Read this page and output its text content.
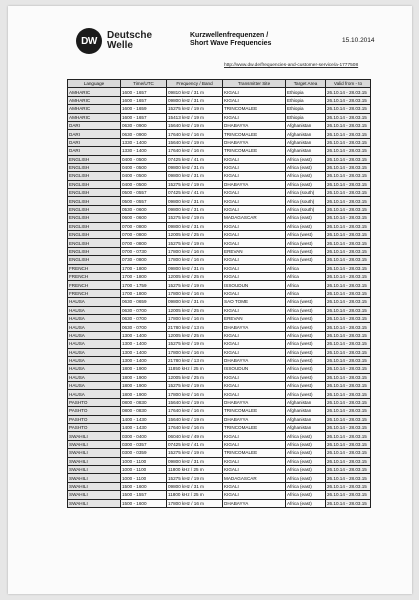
DW	Deutsche
Welle
Kurzwellenfrequenzen /
Short Wave Frequencies	15.10.2014
http://www.dw.de/frequencies-and-customer-service/a-1777508
Language	Time/UTC	Frequency / Band	Transmitter Site	Target Area	Valid from - to
AMHARIC	1600 - 1657	09810 kHz / 31 m	KIGALI	Ethiopia	26.10.14 - 28.03.15
AMHARIC	1600 - 1657	09800 kHz / 31 m	KIGALI	Ethiopia	26.10.14 - 28.03.15
AMHARIC	1600 - 1659	15275 kHz / 19 m	TRINCOMALEE	Ethiopia	26.10.14 - 28.03.15
AMHARIC	1600 - 1657	15413 kHz / 19 m	KIGALI	Ethiopia	26.10.14 - 28.03.15
DARI	0630 - 0900	15640 kHz / 19 m	DHABAYYA	Afghanistan	26.10.14 - 28.03.15
DARI	0630 - 0900	17640 kHz / 16 m	TRINCOMALEE	Afghanistan	26.10.14 - 28.03.15
DARI	1330 - 1400	15640 kHz / 19 m	DHABAYYA	Afghanistan	26.10.14 - 28.03.15
DARI	1330 - 1400	17640 kHz / 16 m	TRINCOMALEE	Afghanistan	26.10.14 - 28.03.15
ENGLISH	0400 - 0500	07425 kHz / 41 m	KIGALI	Africa (east)	26.10.14 - 28.03.15
ENGLISH	0400 - 0500	09800 kHz / 31 m	KIGALI	Africa (east)	26.10.14 - 28.03.15
ENGLISH	0400 - 0500	09800 kHz / 31 m	KIGALI	Africa (east)	26.10.14 - 28.03.15
ENGLISH	0400 - 0500	15275 kHz / 19 m	DHABAYYA	Africa (east)	26.10.14 - 28.03.15
ENGLISH	0500 - 0557	07425 kHz / 41 m	KIGALI	Africa (south)	26.10.14 - 28.03.15
ENGLISH	0500 - 0557	09800 kHz / 31 m	KIGALI	Africa (south)	26.10.14 - 28.03.15
ENGLISH	0530 - 0600	09800 kHz / 31 m	KIGALI	Africa (south)	26.10.14 - 28.03.15
ENGLISH	0600 - 0600	15275 kHz / 19 m	MADAGASCAR	Africa (east)	26.10.14 - 28.03.15
ENGLISH	0700 - 0800	09800 kHz / 31 m	KIGALI	Africa (east)	26.10.14 - 28.03.15
ENGLISH	0700 - 0800	12005 kHz / 25 m	KIGALI	Africa (west)	26.10.14 - 28.03.15
ENGLISH	0700 - 0800	15275 kHz / 19 m	KIGALI	Africa (west)	26.10.14 - 28.03.15
ENGLISH	0700 - 0730	17800 kHz / 16 m	EREVAN	Africa (west)	26.10.14 - 28.03.15
ENGLISH	0730 - 0800	17800 kHz / 16 m	KIGALI	Africa (west)	26.10.14 - 28.03.15
FRENCH	1700 - 1800	09800 kHz / 31 m	KIGALI	Africa	26.10.14 - 28.03.15
FRENCH	1700 - 1800	12005 kHz / 25 m	KIGALI	Africa	26.10.14 - 28.03.15
FRENCH	1700 - 1759	15275 kHz / 19 m	ISSOUDUN	Africa	26.10.14 - 28.03.15
FRENCH	1700 - 1800	17800 kHz / 16 m	KIGALI	Africa	26.10.14 - 28.03.15
HAUSA	0630 - 0659	09800 kHz / 31 m	SAO TOME	Africa (west)	26.10.14 - 28.03.15
HAUSA	0630 - 0700	12005 kHz / 25 m	KIGALI	Africa (west)	26.10.14 - 28.03.15
HAUSA	0630 - 0700	17800 kHz / 16 m	EREVAN	Africa (west)	26.10.14 - 28.03.15
HAUSA	0630 - 0700	21780 kHz / 13 m	DHABAYYA	Africa (west)	26.10.14 - 28.03.15
HAUSA	1300 - 1400	12005 kHz / 25 m	KIGALI	Africa (west)	26.10.14 - 28.03.15
HAUSA	1300 - 1400	15275 kHz / 19 m	KIGALI	Africa (west)	26.10.14 - 28.03.15
HAUSA	1300 - 1400	17800 kHz / 16 m	KIGALI	Africa (west)	26.10.14 - 28.03.15
HAUSA	1300 - 1400	21780 kHz / 13 m	DHABAYYA	Africa (west)	26.10.14 - 28.03.15
HAUSA	1800 - 1900	11850 kHz / 25 m	ISSOUDUN	Africa (west)	26.10.14 - 28.03.15
HAUSA	1800 - 1900	12005 kHz / 25 m	KIGALI	Africa (west)	26.10.14 - 28.03.15
HAUSA	1800 - 1900	15275 kHz / 19 m	KIGALI	Africa (west)	26.10.14 - 28.03.15
HAUSA	1800 - 1900	17800 kHz / 16 m	KIGALI	Africa (west)	26.10.14 - 28.03.15
PASHTO	0800 - 0830	15640 kHz / 19 m	DHABAYYA	Afghanistan	26.10.14 - 28.03.15
PASHTO	0800 - 0830	17640 kHz / 16 m	TRINCOMALEE	Afghanistan	26.10.14 - 28.03.15
PASHTO	1400 - 1430	15640 kHz / 19 m	DHABAYYA	Afghanistan	26.10.14 - 28.03.15
PASHTO	1400 - 1430	17640 kHz / 16 m	TRINCOMALEE	Afghanistan	26.10.14 - 28.03.15
SWAHILI	0300 - 0400	06040 kHz / 49 m	KIGALI	Africa (east)	26.10.14 - 28.03.15
SWAHILI	0300 - 0357	07425 kHz / 41 m	KIGALI	Africa (east)	26.10.14 - 28.03.15
SWAHILI	0300 - 0359	15275 kHz / 19 m	TRINCOMALEE	Africa (east)	26.10.14 - 28.03.15
SWAHILI	1000 - 1100	09800 kHz / 31 m	KIGALI	Africa (east)	26.10.14 - 28.03.15
SWAHILI	1000 - 1100	11800 kHz / 25 m	KIGALI	Africa (east)	26.10.14 - 28.03.15
SWAHILI	1000 - 1100	15275 kHz / 19 m	MADAGASCAR	Africa (east)	26.10.14 - 28.03.15
SWAHILI	1500 - 1600	09800 kHz / 31 m	KIGALI	Africa (east)	26.10.14 - 28.03.15
SWAHILI	1500 - 1557	11800 kHz / 25 m	KIGALI	Africa (east)	26.10.14 - 28.03.15
SWAHILI	1500 - 1600	17800 kHz / 16 m	DHABAYYA	Africa (east)	26.10.14 - 28.03.15
